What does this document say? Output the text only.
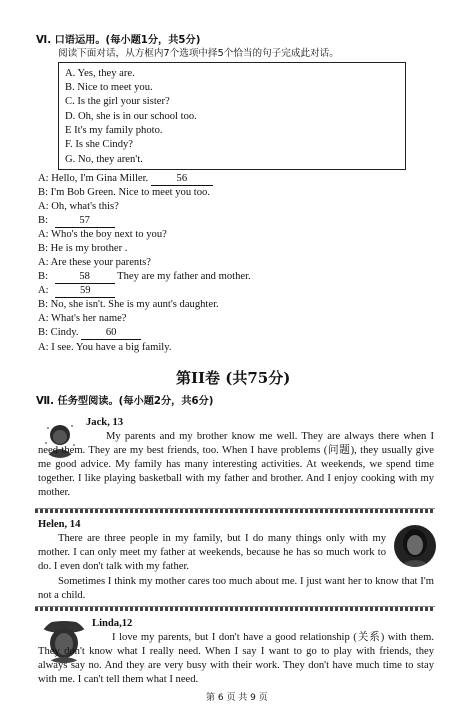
Ⅵ. 口语运用。(每小题1分，共5分)
阅读下面对话，从方框内7个选项中择5个恰当的句子完成此对话。
A. Yes, they are.
B. Nice to meet you.
C. Is the girl your sister?
D. Oh, she is in our school too.
E It's my family photo.
F. Is she Cindy?
G. No, they aren't.
A: Hello, I'm Gina Miller. 56
B: I'm Bob Green. Nice to meet you too.
A: Oh, what's this?
B:	57
A: Who's the boy next to you?
B: He is my brother .
A: Are these your parents?
B:	58 They are my father and mother.
A:	59
B: No, she isn't. She is my aunt's daughter.
A: What's her name?
B: Cindy. 60
A: I see. You have a big family.
第II卷 (共75分)
Ⅶ. 任务型阅读。(每小题2分，共6分)
Jack, 13
My parents and my brother know me well. They are always there when I need them. They are my best friends, too. When I have problems (问题), they usually give me good advice. My family has many interesting activities. At weekends, we spend time together. I like playing basketball with my father and brother. And I enjoy cooking with my mother.
Helen, 14
There are three people in my family, but I do many things only with my mother. I can only meet my father at weekends, because he has so much work to do. I even don't talk with my father.
Sometimes I think my mother cares too much about me. I just want her to know that I'm not a child.
Linda,12
I love my parents, but I don't have a good relationship (关系) with them. They don't know what I really need. When I say I want to go to play with friends, they always say no. And they are very busy with their work. They don't have much time to stay with me. I can't tell them what I need.
第 6 页 共 9 页
